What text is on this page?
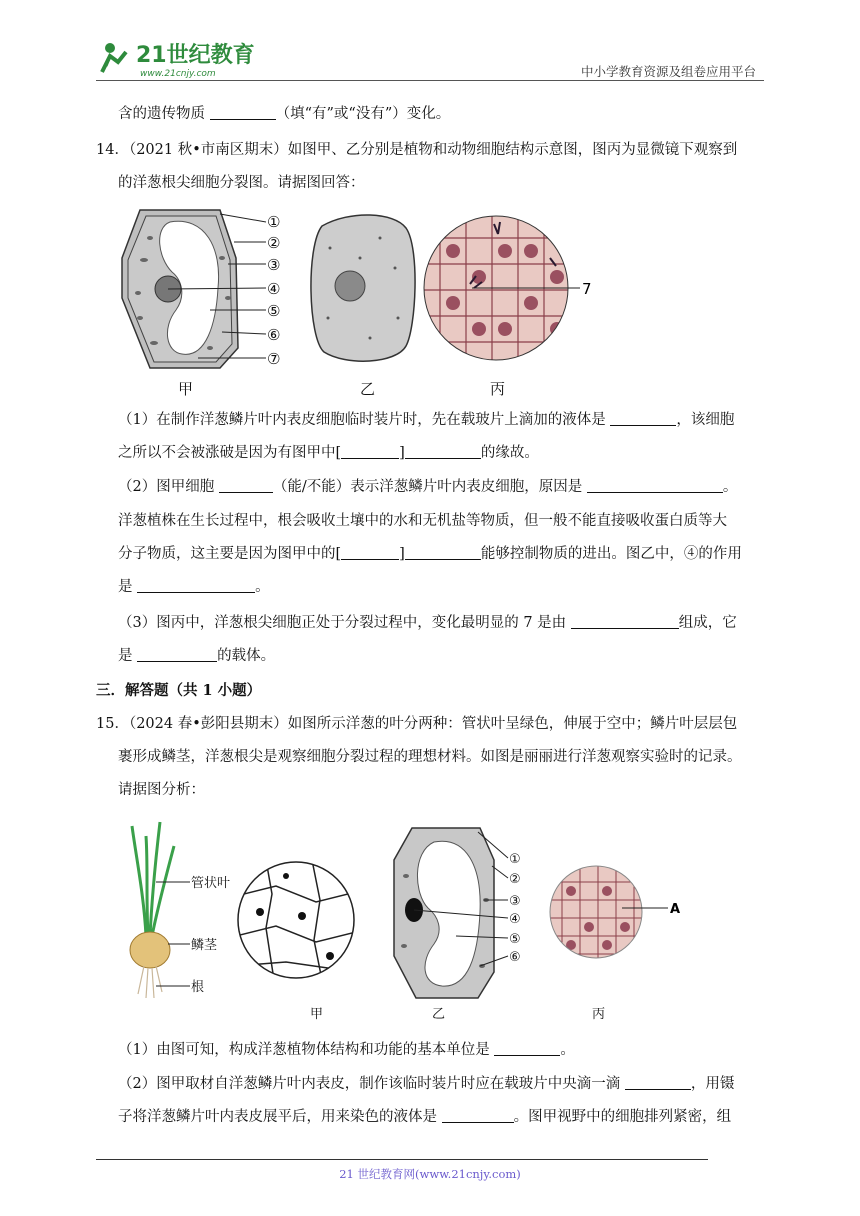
21世纪教育
www.21cnjy.com	中小学教育资源及组卷应用平台
含的遗传物质	（填“有”或“没有”）变化。
14．（2021 秋•市南区期末）如图甲、乙分别是植物和动物细胞结构示意图，图丙为显微镜下观察到
的洋葱根尖细胞分裂图。请据图回答：
①
②
③
④
⑤
⑥
⑦
7
甲	乙	丙
（1）在制作洋葱鳞片叶内表皮细胞临时装片时，先在载玻片上滴加的液体是	，该细胞
之所以不会被涨破是因为有图甲中[	]	的缘故。
（2）图甲细胞	（能/不能）表示洋葱鳞片叶内表皮细胞，原因是	。
洋葱植株在生长过程中，根会吸收土壤中的水和无机盐等物质，但一般不能直接吸收蛋白质等大
分子物质，这主要是因为图甲中的[	]	能够控制物质的进出。图乙中，④的作用
是	。
（3）图丙中，洋葱根尖细胞正处于分裂过程中，变化最明显的 7 是由	组成，它
是	的载体。
三．解答题（共 1 小题）
15．（2024 春•彭阳县期末）如图所示洋葱的叶分两种：管状叶呈绿色，伸展于空中；鳞片叶层层包
裹形成鳞茎，洋葱根尖是观察细胞分裂过程的理想材料。如图是丽丽进行洋葱观察实验时的记录。
请据图分析：
管状叶
鳞茎
根
①
②
③
④
⑤
⑥
A
甲	乙	丙
（1）由图可知，构成洋葱植物体结构和功能的基本单位是	。
（2）图甲取材自洋葱鳞片叶内表皮，制作该临时装片时应在载玻片中央滴一滴	，用镊
子将洋葱鳞片叶内表皮展平后，用来染色的液体是	。图甲视野中的细胞排列紧密，组
21 世纪教育网(www.21cnjy.com)
